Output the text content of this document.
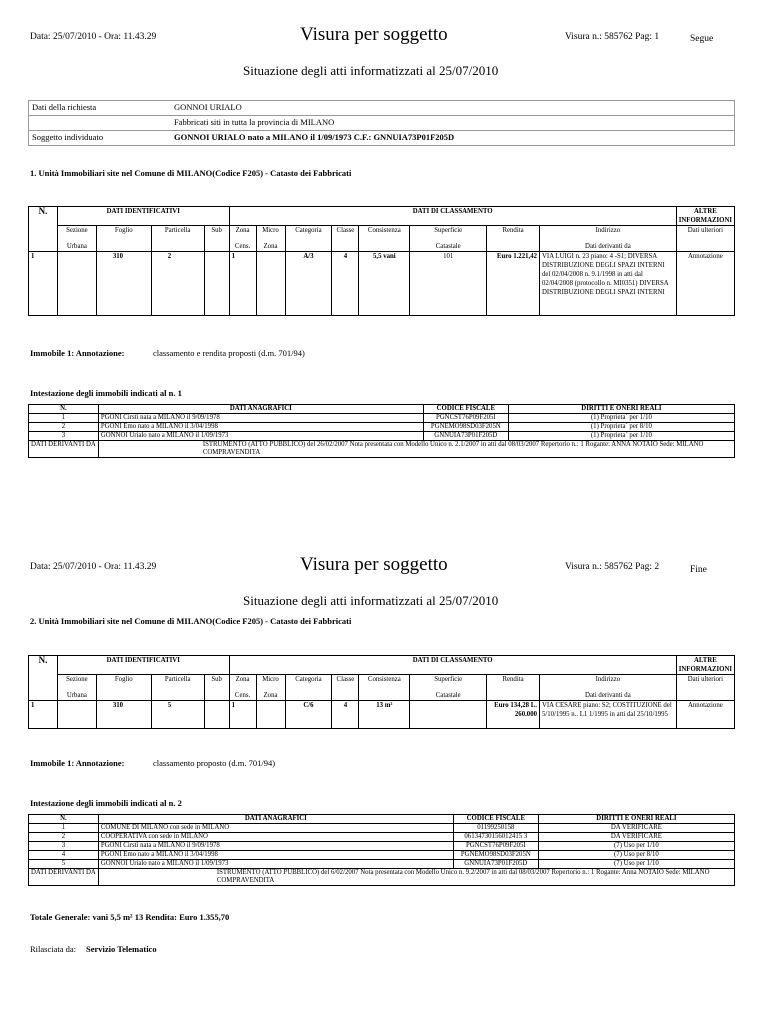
Data: 25/07/2010 - Ora: 11.43.29	Visura per soggetto	Visura n.: 585762 Pag: 1	Segue
Situazione degli atti informatizzati al 25/07/2010
Dati della richiesta	GONNOI URIALO
	Fabbricati siti in tutta la provincia di MILANO
Soggetto individuato	GONNOI URIALO nato a MILANO il 1/09/1973 C.F.: GNNUIA73P01F205D
1. Unità Immobiliari site nel Comune di MILANO(Codice F205) - Catasto dei Fabbricati
N.	DATI IDENTIFICATIVI				DATI DI CLASSAMENTO								ALTRE INFORMAZIONI
	Sezione	Foglio	Particella	Sub	Zona	Micro	Categoria	Classe	Consistenza	Superficie	Rendita	Indirizzo	Dati ulteriori
	Urbana				Cens.	Zona				Catastale		Dati derivanti da	
1		310	2		1		A/3	4	5,5 vani	101	Euro 1.221,42	VIA LUIGI n. 23 piano: 4 -S1; DIVERSA DISTRIBUZIONE DEGLI SPAZI INTERNI del 02/04/2008 n. 9.1/1998 in atti dal 02/04/2008 (protocollo n. MI0351) DIVERSA DISTRIBUZIONE DEGLI SPAZI INTERNI	Annotazione
Immobile 1: Annotazione:	classamento e rendita proposti (d.m. 701/94)
Intestazione degli immobili indicati al n. 1
N.	DATI ANAGRAFICI	CODICE FISCALE	DIRITTI E ONERI REALI
1	PGONI Cirstì nata a MILANO il 9/09/1978	PGNCST76P09F205I	(1) Proprieta` per 1/10
2	PGONI Emo nato a MILANO il 3/04/1998	PGNEMO98SD03F205N	(1) Proprieta` per 8/10
3	GONNOI Urialo nato a MILANO il 1/09/1973	GNNUIA73P01F205D	(1) Proprieta` per 1/10
DATI DERIVANTI DA	ISTRUMENTO (ATTO PUBBLICO) del 26/02/2007 Nota presentata con Modello Unico n. 2.1/2007 in atti dal 08/03/2007 Repertorio n.: 1 Rogante: ANNA NOTAIO Sede: MILANO COMPRAVENDITA		
Data: 25/07/2010 - Ora: 11.43.29	Visura per soggetto	Visura n.: 585762 Pag: 2	Fine
Situazione degli atti informatizzati al 25/07/2010
2. Unità Immobiliari site nel Comune di MILANO(Codice F205) - Catasto dei Fabbricati
N.	DATI IDENTIFICATIVI				DATI DI CLASSAMENTO								ALTRE INFORMAZIONI
	Sezione	Foglio	Particella	Sub	Zona	Micro	Categoria	Classe	Consistenza	Superficie	Rendita	Indirizzo	Dati ulteriori
	Urbana				Cens.	Zona				Catastale		Dati derivanti da	
1		310	5		1		C/6	4	13 m²		Euro 134,28 L. 260.000	VIA CESARE piano: S2; COSTITUZIONE del 5/10/1995 n.. L1 1/1995 in atti dal 25/10/1995	Annotazione
Immobile 1: Annotazione:	classamento proposto (d.m. 701/94)
Intestazione degli immobili indicati al n. 2
N.	DATI ANAGRAFICI	CODICE FISCALE	DIRITTI E ONERI REALI
1	COMUNE DI MILANO con sede in MILANO	01199250158	DA VERIFICARE
2	COOPERATIVA con sede in MILANO	06134730156012415 3	DA VERIFICARE
3	PGONI Cirstì nata a MILANO il 9/09/1978	PGNCST76P09F205I	(7) Uso per 1/10
4	PGONI Emo nato a MILANO il 3/04/1998	PGNEMO98SD03F205N	(7) Uso per 8/10
5	GONNOI Urialo nato a MILANO il 1/09/1973	GNNUIA73P01F205D	(7) Uso per 1/10
DATI DERIVANTI DA	ISTRUMENTO (ATTO PUBBLICO) del 6/02/2007 Nota presentata con Modello Unico n. 9.2/2007 in atti dal 08/03/2007 Repertorio n.: 1 Rogante: Anna NOTAIO Sede: MILANO COMPRAVENDITA		
Totale Generale: vani 5,5 m² 13 Rendita: Euro 1.355,70
Rilasciata da: Servizio Telematico
